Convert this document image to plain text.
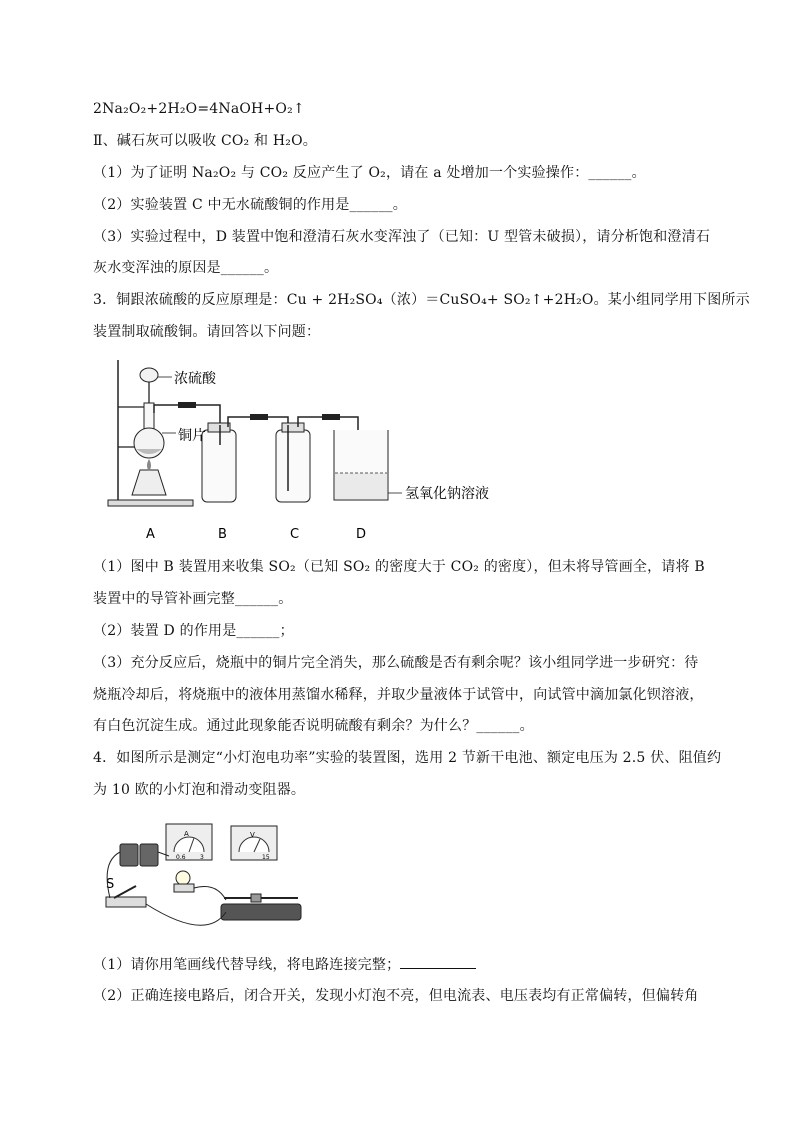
2Na₂O₂+2H₂O=4NaOH+O₂↑
Ⅱ、碱石灰可以吸收 CO₂ 和 H₂O。
（1）为了证明 Na₂O₂ 与 CO₂ 反应产生了 O₂，请在 a 处增加一个实验操作：______。
（2）实验装置 C 中无水硫酸铜的作用是______。
（3）实验过程中，D 装置中饱和澄清石灰水变浑浊了（已知：U 型管未破损），请分析饱和澄清石
灰水变浑浊的原因是______。
3．铜跟浓硫酸的反应原理是：Cu + 2H₂SO₄（浓）＝CuSO₄+ SO₂↑+2H₂O。某小组同学用下图所示
装置制取硫酸铜。请回答以下问题：
浓硫酸
铜片
氢氧化钠溶液
A	B	C	D
（1）图中 B 装置用来收集 SO₂（已知 SO₂ 的密度大于 CO₂ 的密度），但未将导管画全，请将 B
装置中的导管补画完整______。
（2）装置 D 的作用是______；
（3）充分反应后，烧瓶中的铜片完全消失，那么硫酸是否有剩余呢？该小组同学进一步研究：待
烧瓶冷却后，将烧瓶中的液体用蒸馏水稀释，并取少量液体于试管中，向试管中滴加氯化钡溶液，
有白色沉淀生成。通过此现象能否说明硫酸有剩余？为什么？______。
4．如图所示是测定“小灯泡电功率”实验的装置图，选用 2 节新干电池、额定电压为 2.5 伏、阻值约
为 10 欧的小灯泡和滑动变阻器。
A
0.6 3
V
15
S
（1）请你用笔画线代替导线，将电路连接完整；
（2）正确连接电路后，闭合开关，发现小灯泡不亮，但电流表、电压表均有正常偏转，但偏转角
